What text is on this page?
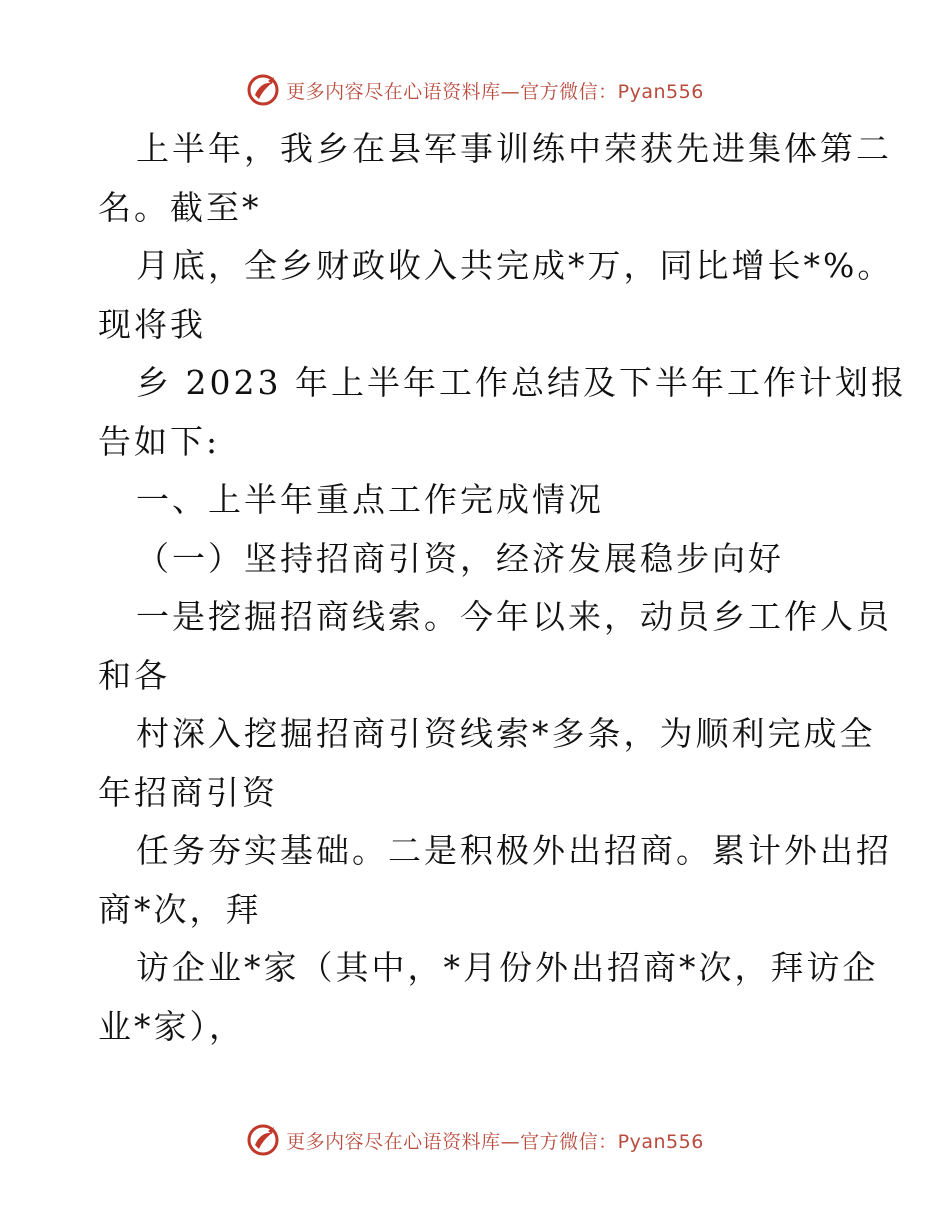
更多内容尽在心语资料库—官方微信：Pyan556
上半年，我乡在县军事训练中荣获先进集体第二
名。截至*
月底，全乡财政收入共完成*万，同比增长*%。
现将我
乡 2023 年上半年工作总结及下半年工作计划报
告如下:
一、上半年重点工作完成情况
（一）坚持招商引资，经济发展稳步向好
一是挖掘招商线索。今年以来，动员乡工作人员
和各
村深入挖掘招商引资线索*多条，为顺利完成全
年招商引资
任务夯实基础。二是积极外出招商。累计外出招
商*次，拜
访企业*家（其中，*月份外出招商*次，拜访企
业*家），
更多内容尽在心语资料库—官方微信：Pyan556
